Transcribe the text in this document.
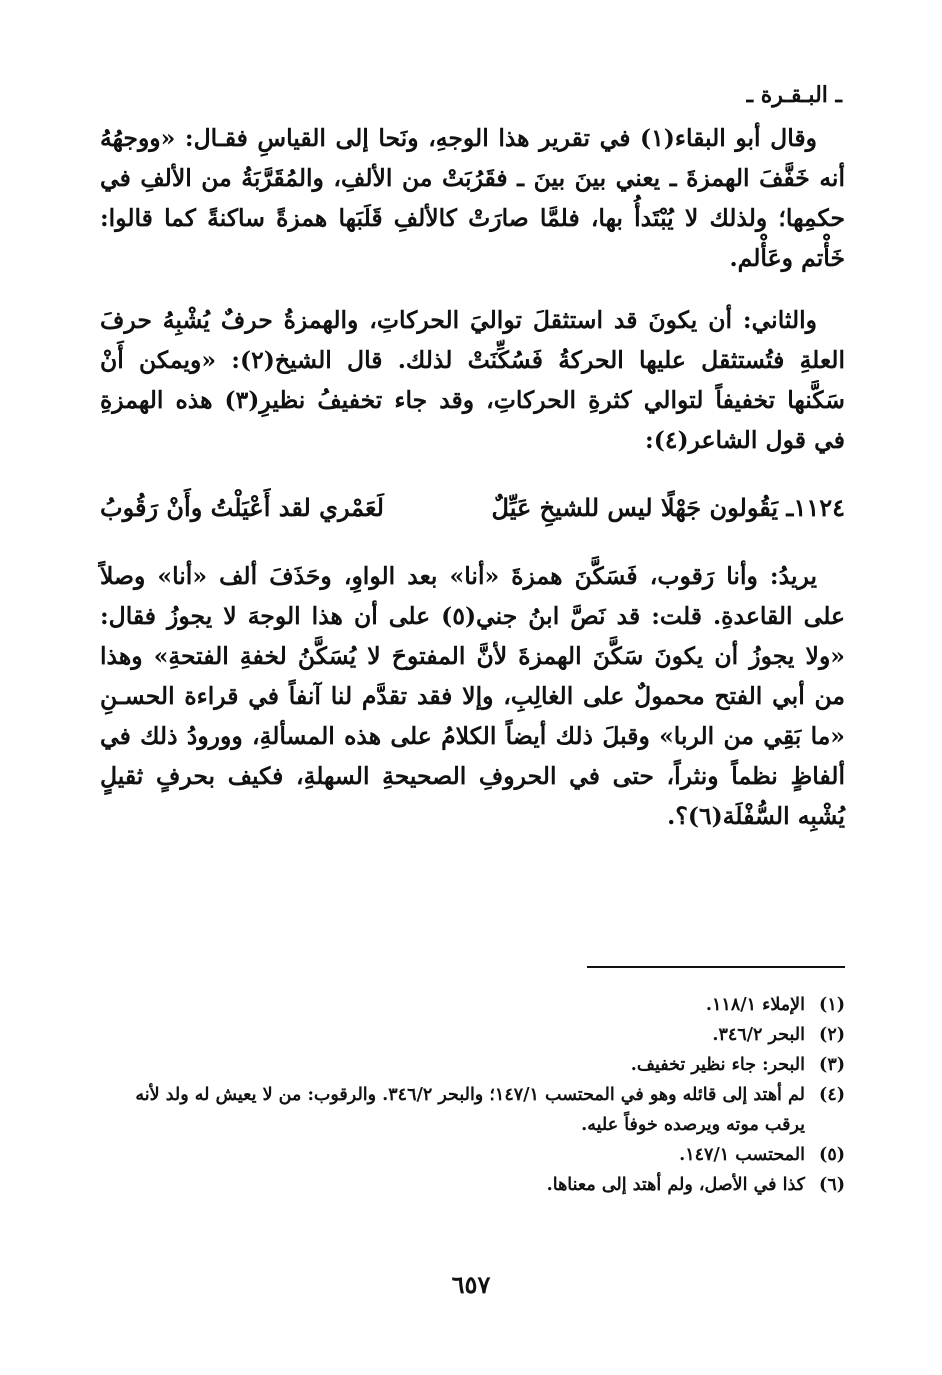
ـ البـقـرة ـ

وقال أبو البقاء(١) في تقرير هذا الوجهِ، ونَحا إلى القياسِ فقـال: «ووجهُهُ أنه خَفَّفَ الهمزةَ ـ يعني بينَ بينَ ـ فقَرُبَتْ من الألفِ، والمُقَرَّبَةُ من الألفِ في حكمِها؛ ولذلك لا يُبْتَدأُ بها، فلمَّا صارَتْ كالألفِ قَلَبَها همزةً ساكنةً كما قالوا: خَأْتم وعَأْلم.

والثاني: أن يكونَ قد استثقلَ تواليَ الحركاتِ، والهمزةُ حرفٌ يُشْبِهُ حرفَ العلةِ فتُستثقل عليها الحركةُ فَسُكِّنَتْ لذلك. قال الشيخ(٢): «ويمكن أَنْ سَكَّنها تخفيفاً لتوالي كثرةِ الحركاتِ، وقد جاء تخفيفُ نظيرِ(٣) هذه الهمزةِ في قول الشاعر(٤):

١١٢٤ـ يَقُولون جَهْلًا ليس للشيخِ عَيِّلٌ
لَعَمْري لقد أَعْيَلْتُ وأَنْ رَقُوبُ

يريدُ: وأنا رَقوب، فَسَكَّنَ همزةَ «أنا» بعد الواوِ، وحَذَفَ ألف «أنا» وصلاً على القاعدةِ. قلت: قد نَصَّ ابنُ جني(٥) على أن هذا الوجهَ لا يجوزُ فقال: «ولا يجوزُ أن يكونَ سَكَّنَ الهمزةَ لأنَّ المفتوحَ لا يُسَكَّنُ لخفةِ الفتحةِ» وهذا من أبي الفتح محمولٌ على الغالِبِ، وإلا فقد تقدَّم لنا آنفاً في قراءة الحسـنِ «ما بَقِي من الربا» وقبلَ ذلك أيضاً الكلامُ على هذه المسألةِ، وورودُ ذلك في ألفاظٍ نظماً ونثراً، حتى في الحروفِ الصحيحةِ السهلةِ، فكيف بحرفٍ ثقيلٍ يُشْبِه السُّفْلَة(٦)؟.

(١)
الإملاء ١١٨/١.
(٢)
البحر ٣٤٦/٢.
(٣)
البحر: جاء نظير تخفيف.
(٤)
لم أهتد إلى قائله وهو في المحتسب ١٤٧/١؛ والبحر ٣٤٦/٢. والرقوب: من لا يعيش له ولد لأنه يرقب موته ويرصده خوفاً عليه.
(٥)
المحتسب ١٤٧/١.
(٦)
كذا في الأصل، ولم أهتد إلى معناها.
٦٥٧
